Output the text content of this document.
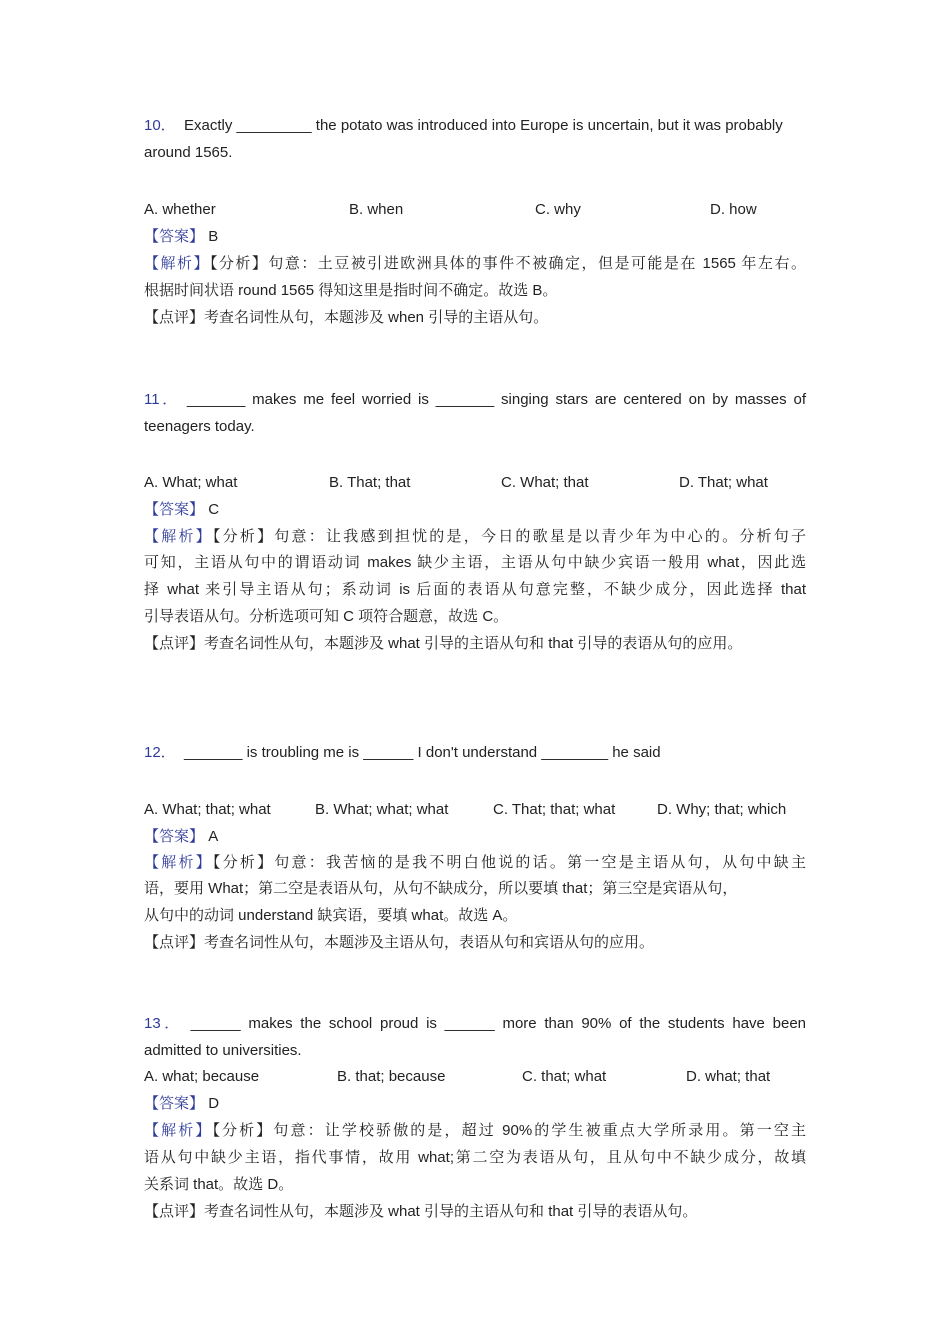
10． Exactly _________ the potato was introduced into Europe is uncertain, but it was probably
around 1565.
A. whether	B. when	C. why	D. how
【答案】 B
【解析】【分析】句意：土豆被引进欧洲具体的事件不被确定，但是可能是在 1565 年左右。
根据时间状语 round 1565 得知这里是指时间不确定。故选 B。
【点评】考查名词性从句，本题涉及 when 引导的主语从句。
11． _______ makes me feel worried is _______ singing stars are centered on by masses of
teenagers today.
A. What; what	B. That; that	C. What; that	D. That; what
【答案】 C
【解析】【分析】句意：让我感到担忧的是，今日的歌星是以青少年为中心的。分析句子
可知，主语从句中的谓语动词 makes 缺少主语，主语从句中缺少宾语一般用 what，因此选
择 what 来引导主语从句；系动词 is 后面的表语从句意完整，不缺少成分，因此选择 that
引导表语从句。分析选项可知 C 项符合题意，故选 C。
【点评】考查名词性从句，本题涉及 what 引导的主语从句和 that 引导的表语从句的应用。
12． _______ is troubling me is ______ I don't understand ________ he said
A. What; that; what	B. What; what; what	C. That; that; what	D. Why; that; which
【答案】 A
【解析】【分析】句意：我苦恼的是我不明白他说的话。第一空是主语从句，从句中缺主
语，要用 What；第二空是表语从句，从句不缺成分，所以要填 that；第三空是宾语从句，
从句中的动词 understand 缺宾语，要填 what。故选 A。
【点评】考查名词性从句，本题涉及主语从句，表语从句和宾语从句的应用。
13． ______ makes the school proud is ______ more than 90% of the students have been
admitted to universities.
A. what; because	B. that; because	C. that; what	D. what; that
【答案】 D
【解析】【分析】句意：让学校骄傲的是，超过 90%的学生被重点大学所录用。第一空主
语从句中缺少主语，指代事情，故用 what;第二空为表语从句，且从句中不缺少成分，故填
关系词 that。故选 D。
【点评】考查名词性从句，本题涉及 what 引导的主语从句和 that 引导的表语从句。
